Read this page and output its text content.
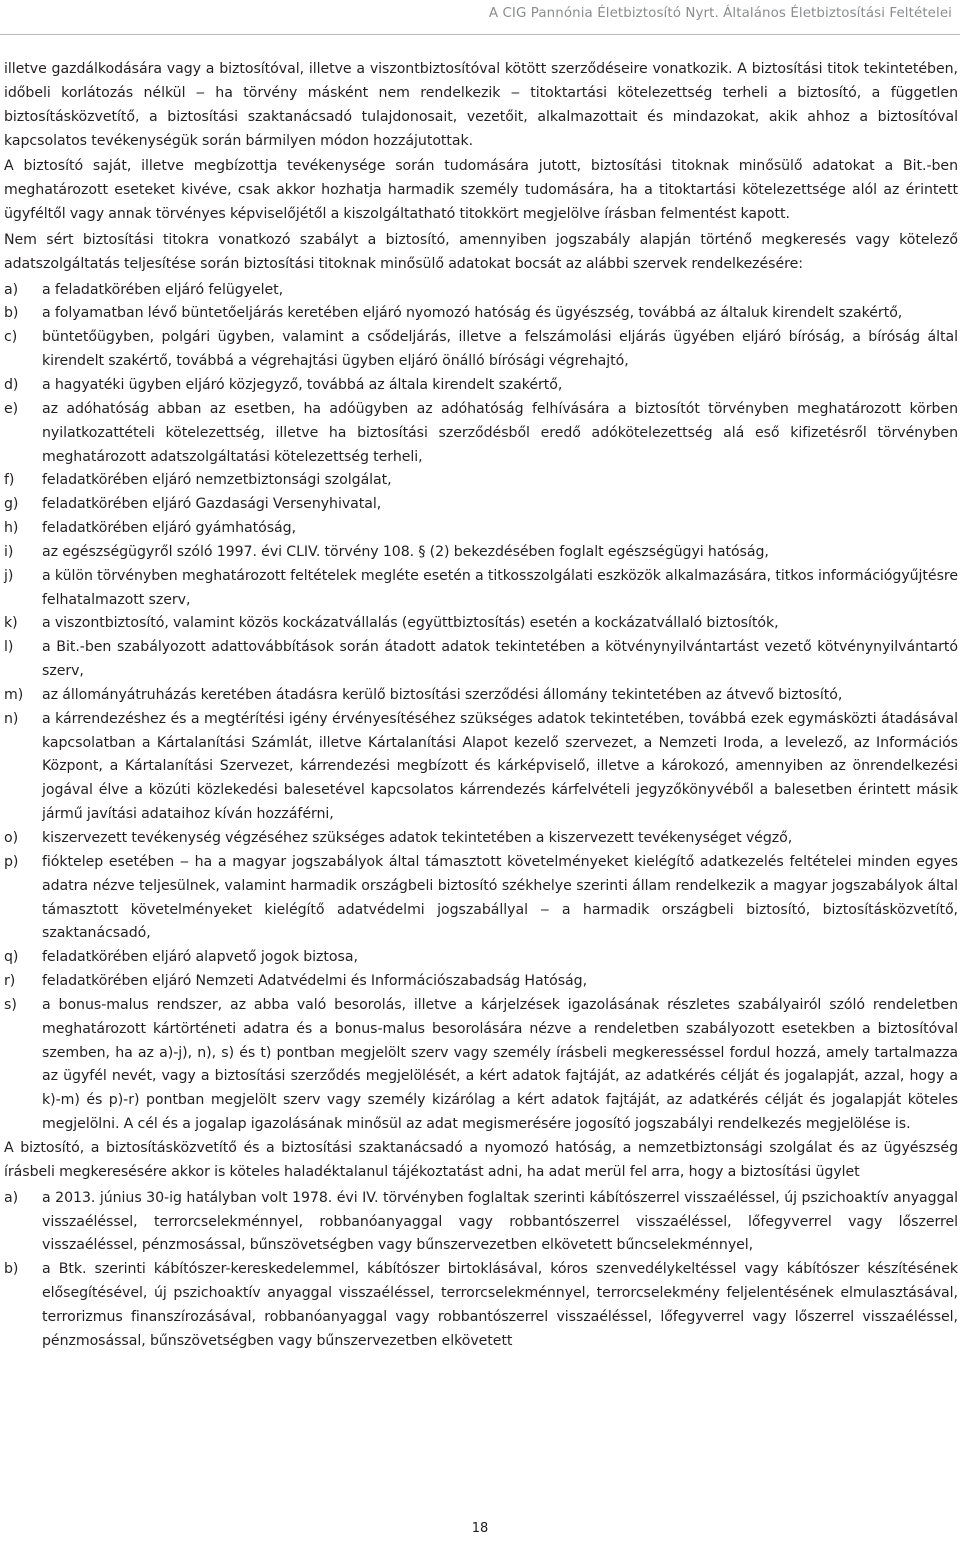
A CIG Pannónia Életbiztosító Nyrt. Általános Életbiztosítási Feltételei

illetve gazdálkodására vagy a biztosítóval, illetve a viszontbiztosítóval kötött szerződéseire vonatkozik. A biztosítási titok tekintetében, időbeli korlátozás nélkül ‒ ha törvény másként nem rendelkezik ‒ titoktartási kötelezettség terheli a biztosító, a független biztosításközvetítő, a biztosítási szaktanácsadó tulajdonosait, vezetőit, alkalmazottait és mindazokat, akik ahhoz a biztosítóval kapcsolatos tevékenységük során bármilyen módon hozzájutottak.

A biztosító saját, illetve megbízottja tevékenysége során tudomására jutott, biztosítási titoknak minősülő adatokat a Bit.-ben meghatározott eseteket kivéve, csak akkor hozhatja harmadik személy tudomására, ha a titoktartási kötelezettsége alól az érintett ügyféltől vagy annak törvényes képviselőjétől a kiszolgáltatható titokkört megjelölve írásban felmentést kapott.

Nem sért biztosítási titokra vonatkozó szabályt a biztosító, amennyiben jogszabály alapján történő megkeresés vagy kötelező adatszolgáltatás teljesítése során biztosítási titoknak minősülő adatokat bocsát az alábbi szervek rendelkezésére:

a)	a feladatkörében eljáró felügyelet,
b)	a folyamatban lévő büntetőeljárás keretében eljáró nyomozó hatóság és ügyészség, továbbá az általuk kirendelt szakértő,
c)	büntetőügyben, polgári ügyben, valamint a csődeljárás, illetve a felszámolási eljárás ügyében eljáró bíróság, a bíróság által kirendelt szakértő, továbbá a végrehajtási ügyben eljáró önálló bírósági végrehajtó,
d)	a hagyatéki ügyben eljáró közjegyző, továbbá az általa kirendelt szakértő,
e)	az adóhatóság abban az esetben, ha adóügyben az adóhatóság felhívására a biztosítót törvényben meghatározott körben nyilatkozattételi kötelezettség, illetve ha biztosítási szerződésből eredő adókötelezettség alá eső kifizetésről törvényben meghatározott adatszolgáltatási kötelezettség terheli,
f)	feladatkörében eljáró nemzetbiztonsági szolgálat,
g)	feladatkörében eljáró Gazdasági Versenyhivatal,
h)	feladatkörében eljáró gyámhatóság,
i)	az egészségügyről szóló 1997. évi CLIV. törvény 108. § (2) bekezdésében foglalt egészségügyi hatóság,
j)	a külön törvényben meghatározott feltételek megléte esetén a titkosszolgálati eszközök alkalmazására, titkos információgyűjtésre felhatalmazott szerv,
k)	a viszontbiztosító, valamint közös kockázatvállalás (együttbiztosítás) esetén a kockázatvállaló biztosítók,
l)	a Bit.-ben szabályozott adattovábbítások során átadott adatok tekintetében a kötvénynyilvántartást vezető kötvénynyilvántartó szerv,
m)	az állományátruházás keretében átadásra kerülő biztosítási szerződési állomány tekintetében az átvevő biztosító,
n)	a kárrendezéshez és a megtérítési igény érvényesítéséhez szükséges adatok tekintetében, továbbá ezek egymásközti átadásával kapcsolatban a Kártalanítási Számlát, illetve Kártalanítási Alapot kezelő szervezet, a Nemzeti Iroda, a levelező, az Információs Központ, a Kártalanítási Szervezet, kárrendezési megbízott és kárképviselő, illetve a károkozó, amennyiben az önrendelkezési jogával élve a közúti közlekedési balesetével kapcsolatos kárrendezés kárfelvételi jegyzőkönyvéből a balesetben érintett másik jármű javítási adataihoz kíván hozzáférni,
o)	kiszervezett tevékenység végzéséhez szükséges adatok tekintetében a kiszervezett tevékenységet végző,
p)	fióktelep esetében ‒ ha a magyar jogszabályok által támasztott követelményeket kielégítő adatkezelés feltételei minden egyes adatra nézve teljesülnek, valamint harmadik országbeli biztosító székhelye szerinti állam rendelkezik a magyar jogszabályok által támasztott követelményeket kielégítő adatvédelmi jogszabállyal ‒ a harmadik országbeli biztosító, biztosításközvetítő, szaktanácsadó,
q)	feladatkörében eljáró alapvető jogok biztosa,
r)	feladatkörében eljáró Nemzeti Adatvédelmi és Információszabadság Hatóság,
s)	a bonus-malus rendszer, az abba való besorolás, illetve a kárjelzések igazolásának részletes szabályairól szóló rendeletben meghatározott kártörténeti adatra és a bonus-malus besorolására nézve a rendeletben szabályozott esetekben a biztosítóval szemben, ha az a)-j), n), s) és t) pontban megjelölt szerv vagy személy írásbeli megkeresséssel fordul hozzá, amely tartalmazza az ügyfél nevét, vagy a biztosítási szerződés megjelölését, a kért adatok fajtáját, az adatkérés célját és jogalapját, azzal, hogy a k)-m) és p)-r) pontban megjelölt szerv vagy személy kizárólag a kért adatok fajtáját, az adatkérés célját és jogalapját köteles megjelölni. A cél és a jogalap igazolásának minősül az adat megismerésére jogosító jogszabályi rendelkezés megjelölése is.

A biztosító, a biztosításközvetítő és a biztosítási szaktanácsadó a nyomozó hatóság, a nemzetbiztonsági szolgálat és az ügyészség írásbeli megkeresésére akkor is köteles haladéktalanul tájékoztatást adni, ha adat merül fel arra, hogy a biztosítási ügylet

a)	a 2013. június 30-ig hatályban volt 1978. évi IV. törvényben foglaltak szerinti kábítószerrel visszaéléssel, új pszichoaktív anyaggal visszaéléssel, terrorcselekménnyel, robbanóanyaggal vagy robbantószerrel visszaéléssel, lőfegyverrel vagy lőszerrel visszaéléssel, pénzmosással, bűnszövetségben vagy bűnszervezetben elkövetett bűncselekménnyel,
b)	a Btk. szerinti kábítószer-kereskedelemmel, kábítószer birtoklásával, kóros szenvedélykeltéssel vagy kábítószer készítésének elősegítésével, új pszichoaktív anyaggal visszaéléssel, terrorcselekménnyel, terrorcselekmény feljelentésének elmulasztásával, terrorizmus finanszírozásával, robbanóanyaggal vagy robbantószerrel visszaéléssel, lőfegyverrel vagy lőszerrel visszaéléssel, pénzmosással, bűnszövetségben vagy bűnszervezetben elkövetett
18
